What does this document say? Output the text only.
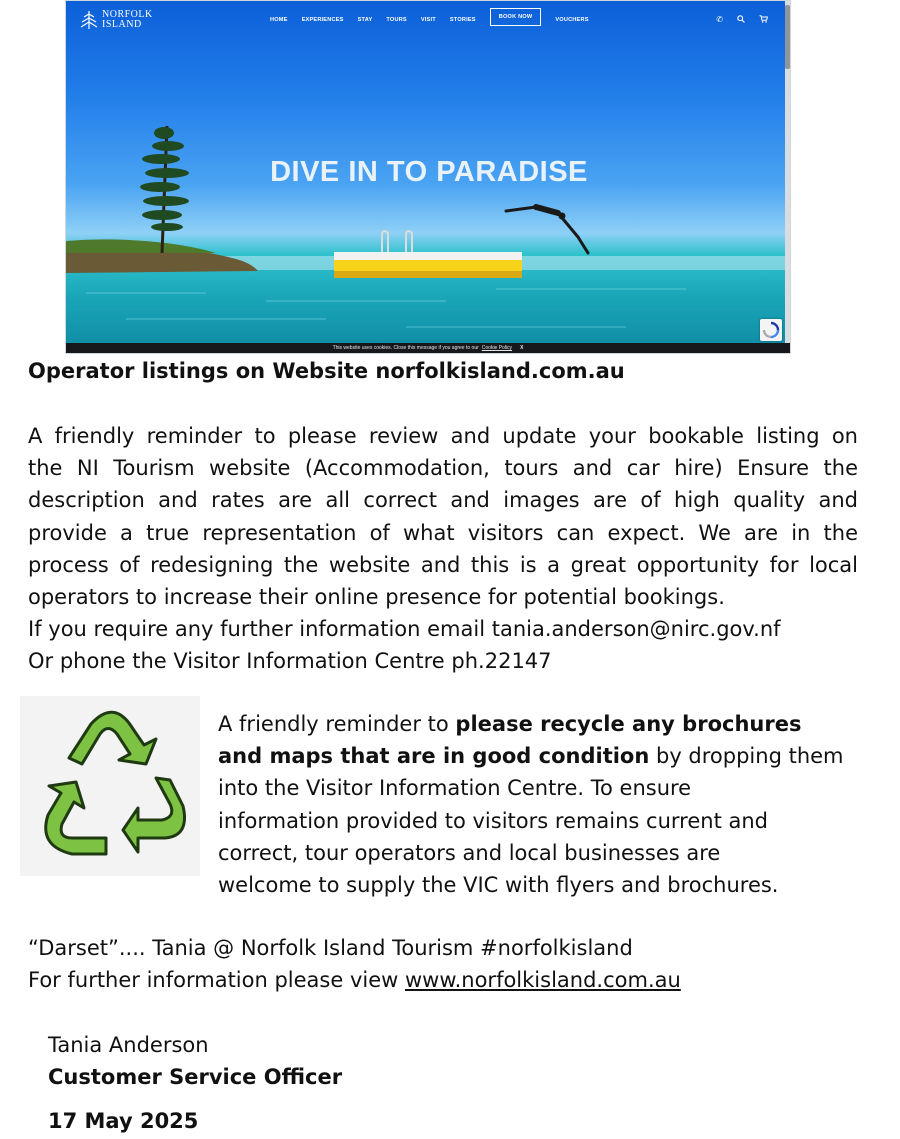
DIVE IN TO PARADISE
NORFOLK
ISLAND	HOME	EXPERIENCES	STAY	TOURS	VISIT	STORIES	BOOK NOW	VOUCHERS	✆
This website uses cookies. Close this message if you agree to our Cookie Policy X
Operator listings on Website norfolkisland.com.au
A friendly reminder to please review and update your bookable listing on
the NI Tourism website (Accommodation, tours and car hire) Ensure the
description and rates are all correct and images are of high quality and
provide a true representation of what visitors can expect. We are in the
process of redesigning the website and this is a great opportunity for local
operators to increase their online presence for potential bookings.
If you require any further information email tania.anderson@nirc.gov.nf
Or phone the Visitor Information Centre ph.22147
A friendly reminder to please recycle any brochures
and maps that are in good condition by dropping them
into the Visitor Information Centre. To ensure
information provided to visitors remains current and
correct, tour operators and local businesses are
welcome to supply the VIC with flyers and brochures.
“Darset”.... Tania @ Norfolk Island Tourism #norfolkisland
For further information please view www.norfolkisland.com.au
Tania Anderson
Customer Service Officer
17 May 2025
